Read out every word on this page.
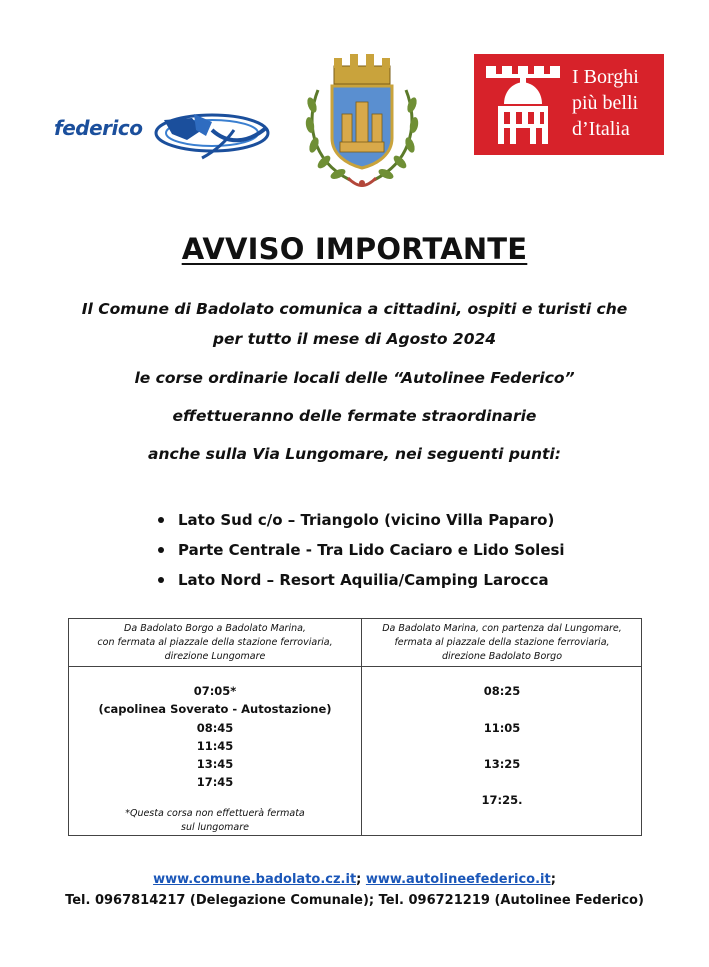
federico
I Borghi
più belli
d’Italia
AVVISO IMPORTANTE
Il Comune di Badolato comunica a cittadini, ospiti e turisti che
per tutto il mese di Agosto 2024
le corse ordinarie locali delle “Autolinee Federico”
effettueranno delle fermate straordinarie
anche sulla Via Lungomare, nei seguenti punti:
Lato Sud c/o – Triangolo (vicino Villa Paparo)
Parte Centrale - Tra Lido Caciaro e Lido Solesi
Lato Nord – Resort Aquilia/Camping Larocca
Da Badolato Borgo a Badolato Marina,
con fermata al piazzale della stazione ferroviaria,
direzione Lungomare
Da Badolato Marina, con partenza dal Lungomare,
fermata al piazzale della stazione ferroviaria,
direzione Badolato Borgo
07:05*
(capolinea Soverato - Autostazione)
08:45
11:45
13:45
17:45
*Questa corsa non effettuerà fermata
sul lungomare
08:25
11:05
13:25
17:25.
www.comune.badolato.cz.it; www.autolineefederico.it;
Tel. 0967814217 (Delegazione Comunale); Tel. 096721219 (Autolinee Federico)
